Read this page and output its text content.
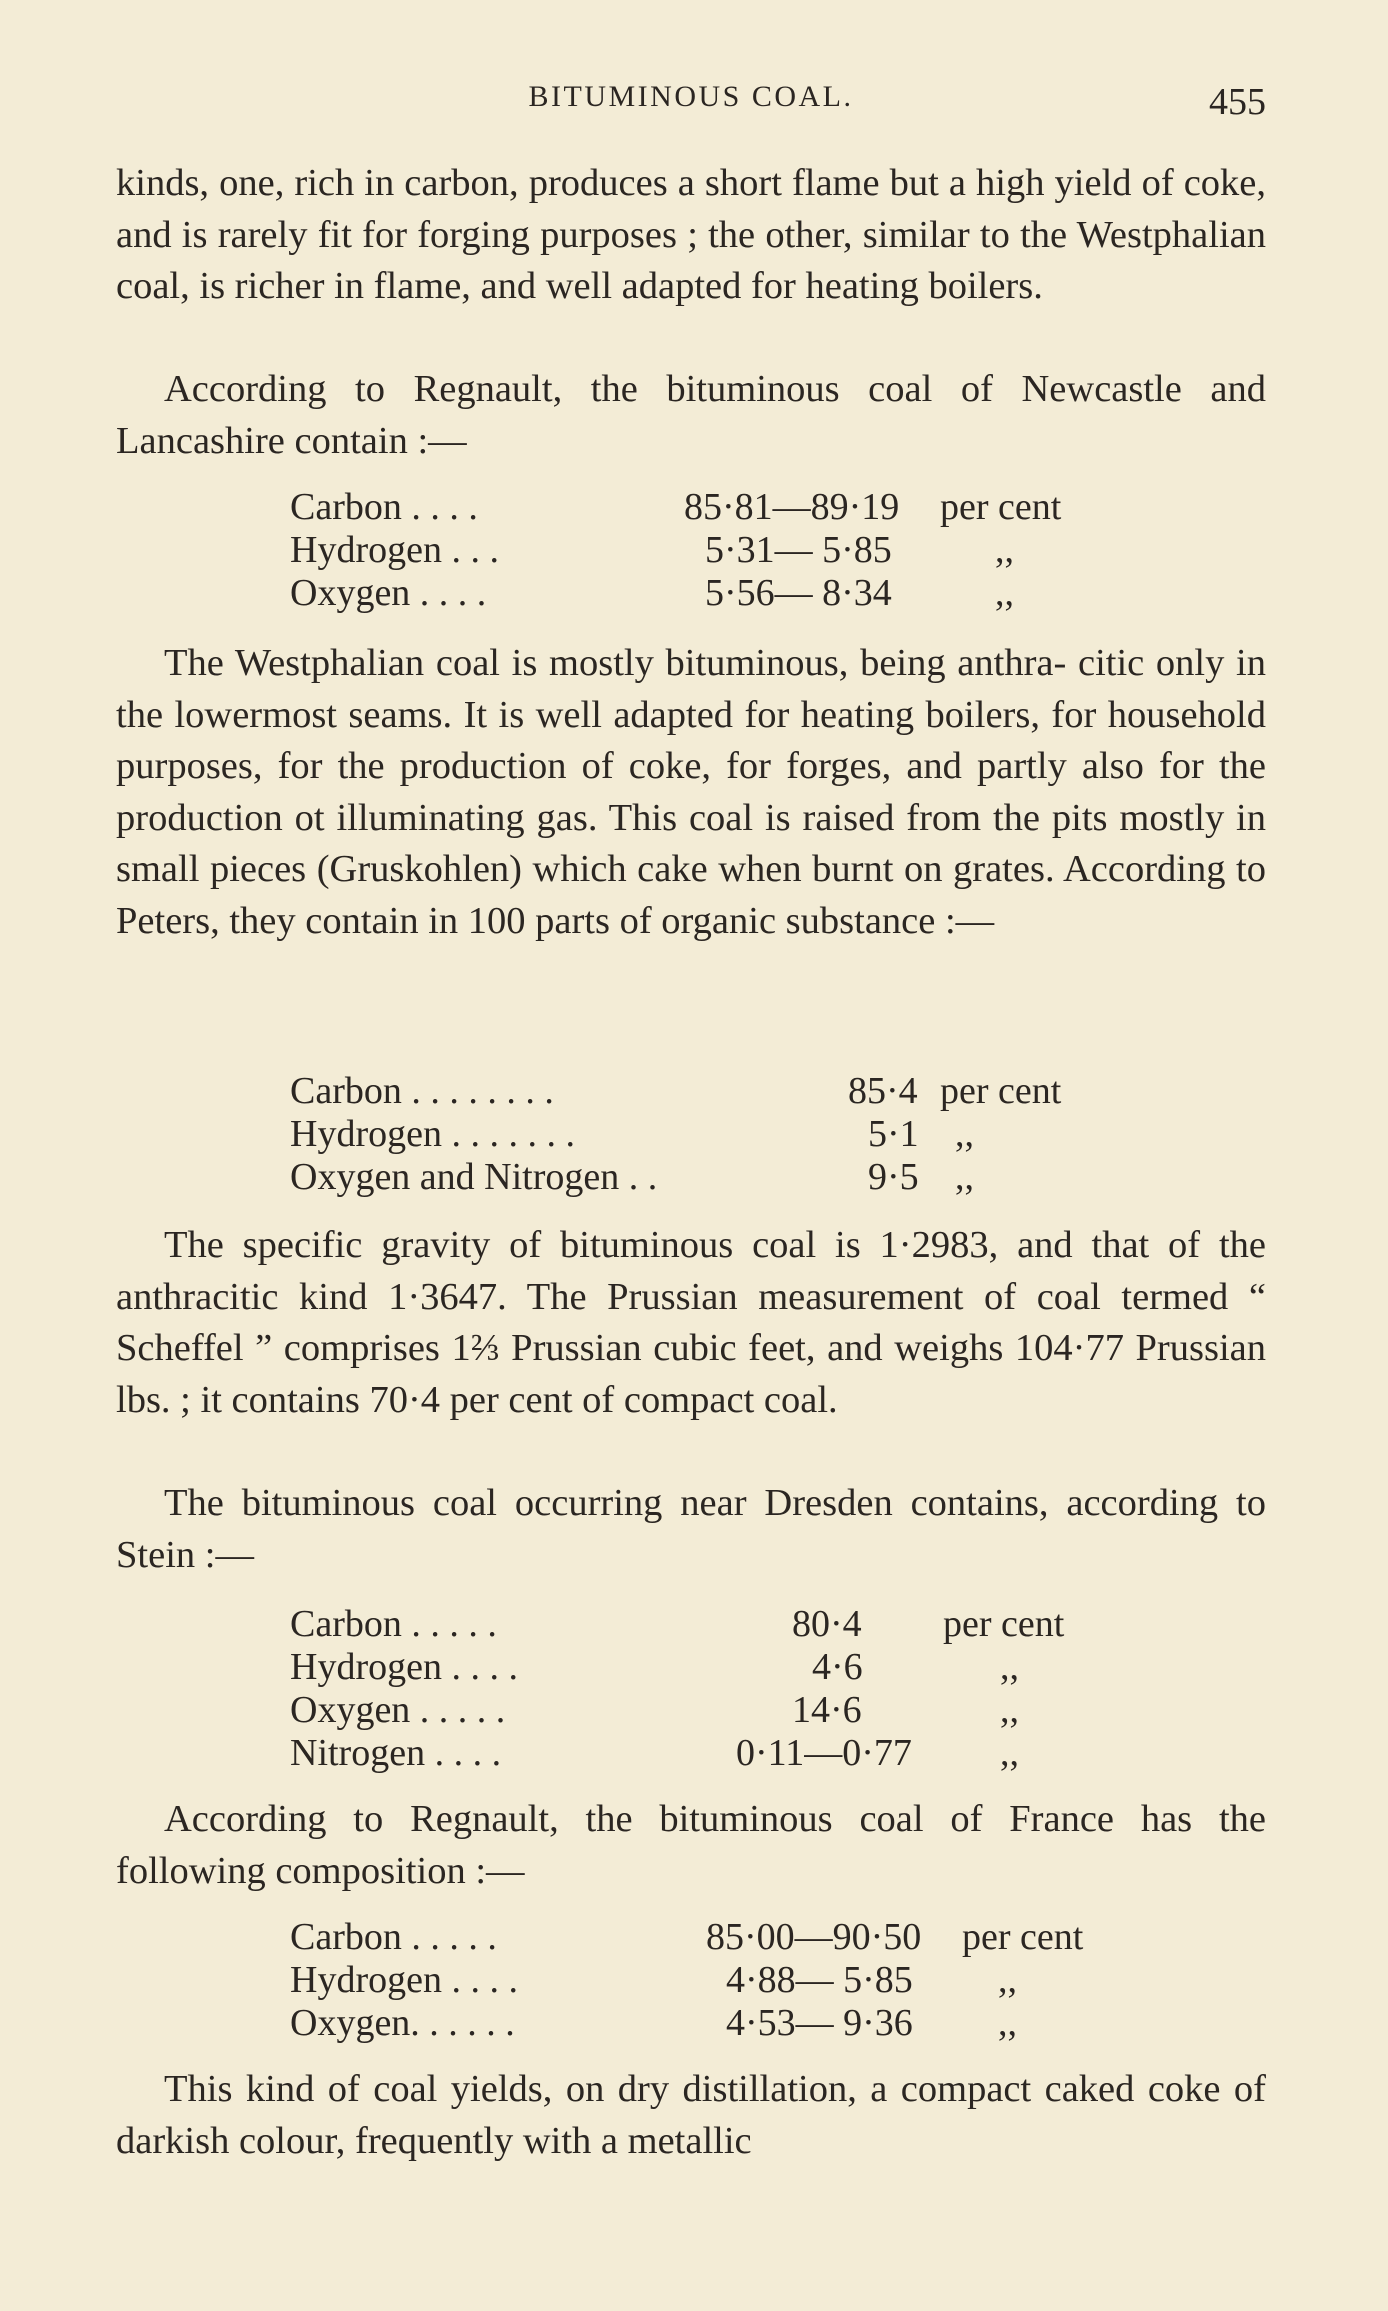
BITUMINOUS COAL.	455

kinds, one, rich in carbon, produces a short flame but a high yield of coke, and is rarely fit for forging purposes ; the other, similar to the Westphalian coal, is richer in flame, and well adapted for heating boilers.

According to Regnault, the bituminous coal of Newcastle and Lancashire contain :—

Carbon . . . .	85·81—89·19 per cent
Hydrogen . . .	5·31— 5·85	,,
Oxygen . . . .	5·56— 8·34	,,

The Westphalian coal is mostly bituminous, being anthra- citic only in the lowermost seams. It is well adapted for heating boilers, for household purposes, for the production of coke, for forges, and partly also for the production ot illuminating gas. This coal is raised from the pits mostly in small pieces (Gruskohlen) which cake when burnt on grates. According to Peters, they contain in 100 parts of organic substance :—

Carbon . . . . . . . .	85·4 per cent
Hydrogen . . . . . . .	5·1 ,,
Oxygen and Nitrogen . .	9·5 ,,

The specific gravity of bituminous coal is 1·2983, and that of the anthracitic kind 1·3647. The Prussian measurement of coal termed “ Scheffel ” comprises 1⅔ Prussian cubic feet, and weighs 104·77 Prussian lbs. ; it contains 70·4 per cent of compact coal.

The bituminous coal occurring near Dresden contains, according to Stein :—

Carbon . . . . .	80·4 per cent
Hydrogen . . . .	4·6	,,
Oxygen . . . . .	14·6	,,
Nitrogen . . . .	0·11—0·77 ,,

According to Regnault, the bituminous coal of France has the following composition :—

Carbon . . . . .	85·00—90·50 per cent
Hydrogen . . . .	4·88— 5·85 ,,
Oxygen. . . . . .	4·53— 9·36 ,,

This kind of coal yields, on dry distillation, a compact caked coke of darkish colour, frequently with a metallic
